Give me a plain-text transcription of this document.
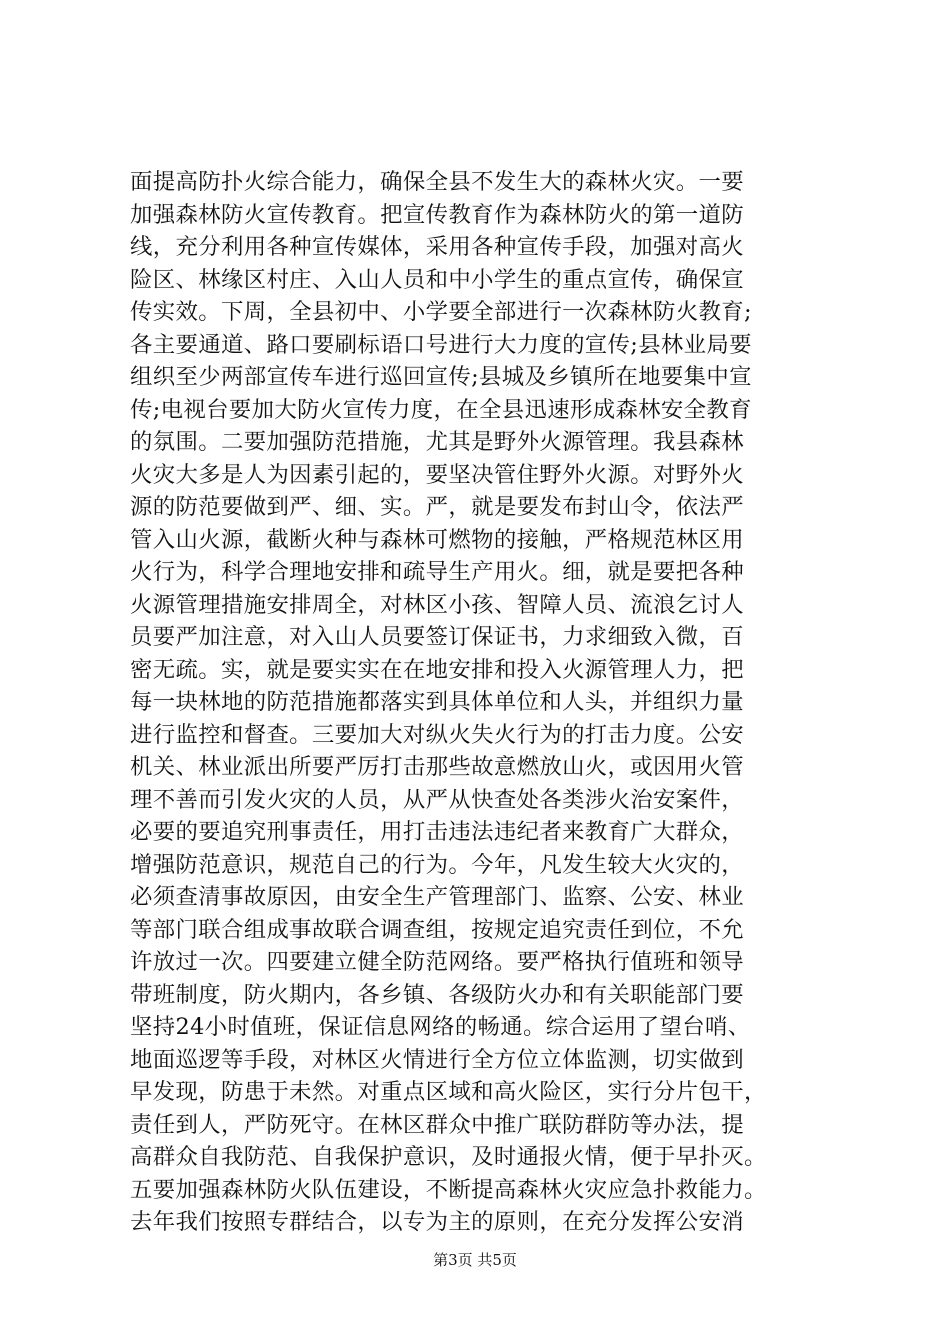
面提高防扑火综合能力，确保全县不发生大的森林火灾。一要
加强森林防火宣传教育。把宣传教育作为森林防火的第一道防
线，充分利用各种宣传媒体，采用各种宣传手段，加强对高火
险区、林缘区村庄、入山人员和中小学生的重点宣传，确保宣
传实效。下周，全县初中、小学要全部进行一次森林防火教育;
各主要通道、路口要刷标语口号进行大力度的宣传;县林业局要
组织至少两部宣传车进行巡回宣传;县城及乡镇所在地要集中宣
传;电视台要加大防火宣传力度，在全县迅速形成森林安全教育
的氛围。二要加强防范措施，尤其是野外火源管理。我县森林
火灾大多是人为因素引起的，要坚决管住野外火源。对野外火
源的防范要做到严、细、实。严，就是要发布封山令，依法严
管入山火源，截断火种与森林可燃物的接触，严格规范林区用
火行为，科学合理地安排和疏导生产用火。细，就是要把各种
火源管理措施安排周全，对林区小孩、智障人员、流浪乞讨人
员要严加注意，对入山人员要签订保证书，力求细致入微，百
密无疏。实，就是要实实在在地安排和投入火源管理人力，把
每一块林地的防范措施都落实到具体单位和人头，并组织力量
进行监控和督查。三要加大对纵火失火行为的打击力度。公安
机关、林业派出所要严厉打击那些故意燃放山火，或因用火管
理不善而引发火灾的人员，从严从快查处各类涉火治安案件，
必要的要追究刑事责任，用打击违法违纪者来教育广大群众，
增强防范意识，规范自己的行为。今年，凡发生较大火灾的，
必须查清事故原因，由安全生产管理部门、监察、公安、林业
等部门联合组成事故联合调查组，按规定追究责任到位，不允
许放过一次。四要建立健全防范网络。要严格执行值班和领导
带班制度，防火期内，各乡镇、各级防火办和有关职能部门要
坚持24小时值班，保证信息网络的畅通。综合运用了望台哨、
地面巡逻等手段，对林区火情进行全方位立体监测，切实做到
早发现，防患于未然。对重点区域和高火险区，实行分片包干，
责任到人，严防死守。在林区群众中推广联防群防等办法，提
高群众自我防范、自我保护意识，及时通报火情，便于早扑灭。
五要加强森林防火队伍建设，不断提高森林火灾应急扑救能力。
去年我们按照专群结合，以专为主的原则，在充分发挥公安消
第3页 共5页
